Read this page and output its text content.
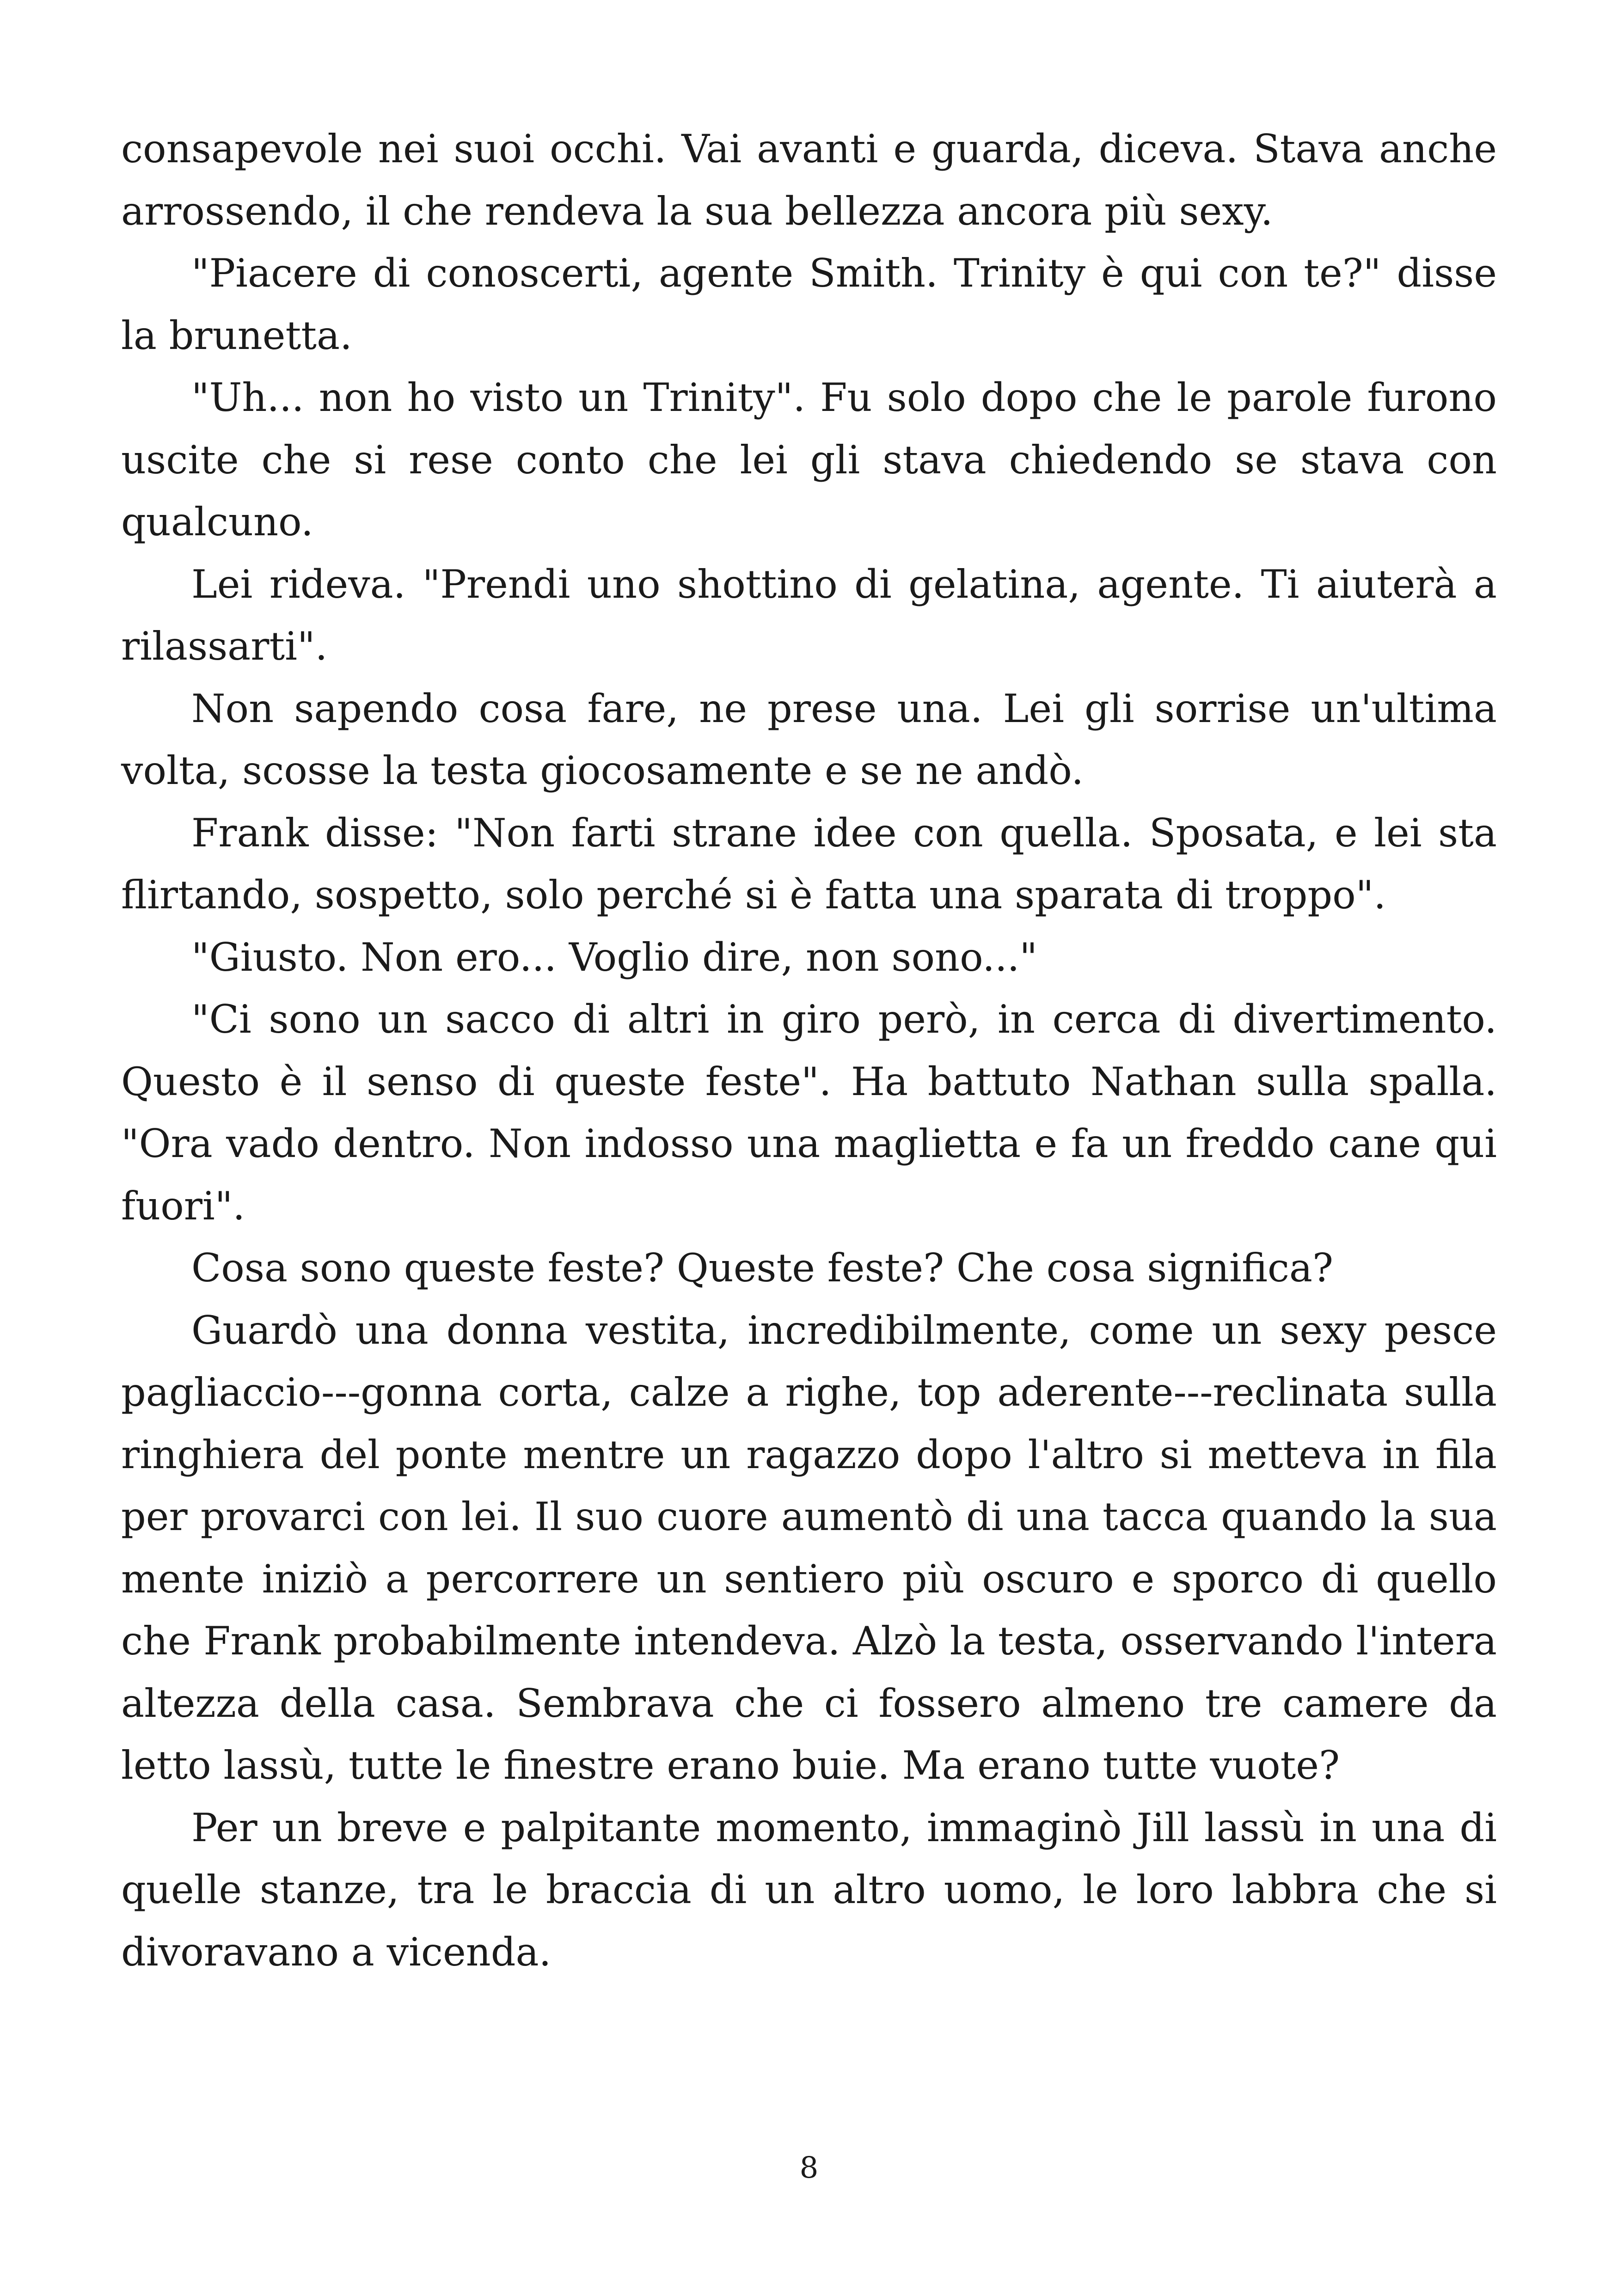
consapevole nei suoi occhi. Vai avanti e guarda, diceva. Stava anche arrossendo, il che rendeva la sua bellezza ancora più sexy.

"Piacere di conoscerti, agente Smith. Trinity è qui con te?" disse la brunetta.

"Uh... non ho visto un Trinity". Fu solo dopo che le parole furono uscite che si rese conto che lei gli stava chiedendo se stava con qualcuno.

Lei rideva. "Prendi uno shottino di gelatina, agente. Ti aiuterà a rilassarti".

Non sapendo cosa fare, ne prese una. Lei gli sorrise un'ultima volta, scosse la testa giocosamente e se ne andò.

Frank disse: "Non farti strane idee con quella. Sposata, e lei sta flirtando, sospetto, solo perché si è fatta una sparata di troppo".

"Giusto. Non ero... Voglio dire, non sono..."

"Ci sono un sacco di altri in giro però, in cerca di divertimento. Questo è il senso di queste feste". Ha battuto Nathan sulla spalla. "Ora vado dentro. Non indosso una maglietta e fa un freddo cane qui fuori".

Cosa sono queste feste? Queste feste? Che cosa significa?

Guardò una donna vestita, incredibilmente, come un sexy pesce pagliaccio---gonna corta, calze a righe, top aderente---reclinata sulla ringhiera del ponte mentre un ragazzo dopo l'altro si metteva in fila per provarci con lei. Il suo cuore aumentò di una tacca quando la sua mente iniziò a percorrere un sentiero più oscuro e sporco di quello che Frank probabilmente intendeva. Alzò la testa, osservando l'intera altezza della casa. Sembrava che ci fossero almeno tre camere da letto lassù, tutte le finestre erano buie. Ma erano tutte vuote?

Per un breve e palpitante momento, immaginò Jill lassù in una di quelle stanze, tra le braccia di un altro uomo, le loro labbra che si divoravano a vicenda.

8
